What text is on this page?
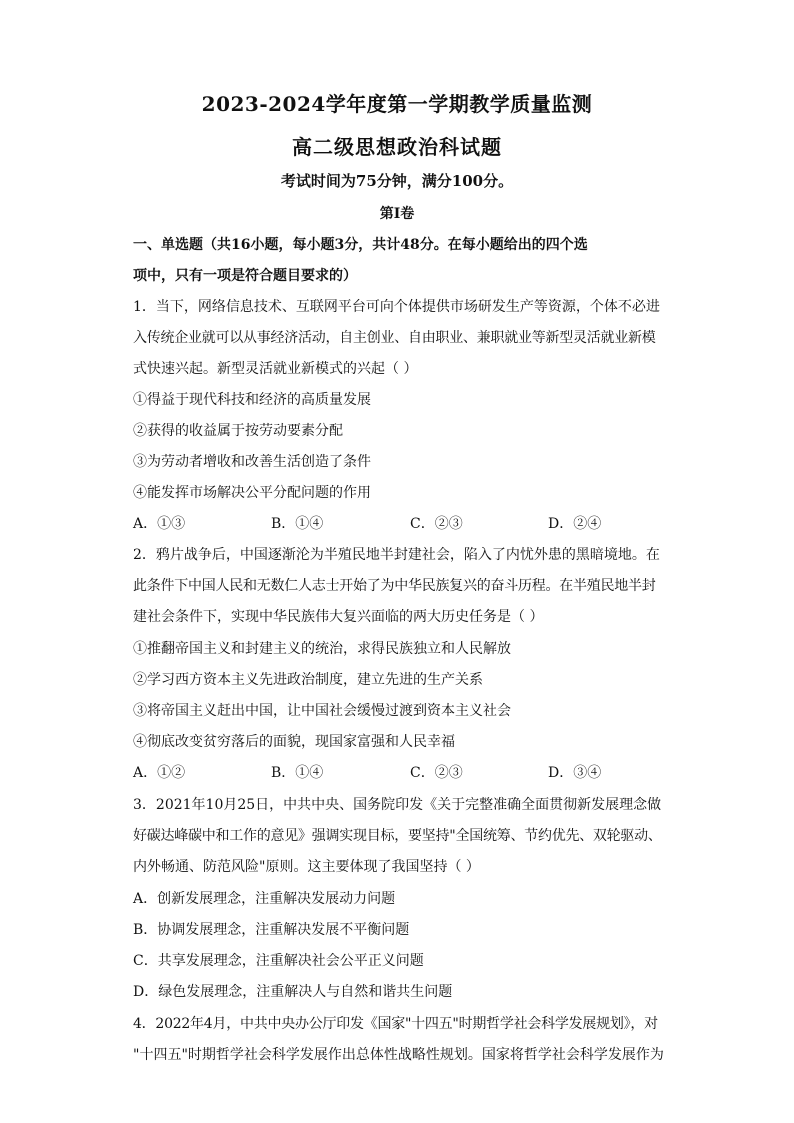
2023-2024学年度第一学期教学质量监测
高二级思想政治科试题
考试时间为75分钟，满分100分。
第I卷
一、单选题（共16小题，每小题3分，共计48分。在每小题给出的四个选
项中，只有一项是符合题目要求的）
1．当下，网络信息技术、互联网平台可向个体提供市场研发生产等资源，个体不必进
入传统企业就可以从事经济活动，自主创业、自由职业、兼职就业等新型灵活就业新模
式快速兴起。新型灵活就业新模式的兴起（ ）
①得益于现代科技和经济的高质量发展
②获得的收益属于按劳动要素分配
③为劳动者增收和改善生活创造了条件
④能发挥市场解决公平分配问题的作用
A．①③	B．①④	C．②③	D．②④
2．鸦片战争后，中国逐渐沦为半殖民地半封建社会，陷入了内忧外患的黑暗境地。在
此条件下中国人民和无数仁人志士开始了为中华民族复兴的奋斗历程。在半殖民地半封
建社会条件下，实现中华民族伟大复兴面临的两大历史任务是（ ）
①推翻帝国主义和封建主义的统治，求得民族独立和人民解放
②学习西方资本主义先进政治制度，建立先进的生产关系
③将帝国主义赶出中国，让中国社会缓慢过渡到资本主义社会
④彻底改变贫穷落后的面貌，现国家富强和人民幸福
A．①②	B．①④	C．②③	D．③④
3．2021年10月25日，中共中央、国务院印发《关于完整准确全面贯彻新发展理念做
好碳达峰碳中和工作的意见》强调实现目标，要坚持"全国统筹、节约优先、双轮驱动、
内外畅通、防范风险"原则。这主要体现了我国坚持（ ）
A．创新发展理念，注重解决发展动力问题
B．协调发展理念，注重解决发展不平衡问题
C．共享发展理念，注重解决社会公平正义问题
D．绿色发展理念，注重解决人与自然和谐共生问题
4．2022年4月，中共中央办公厅印发《国家"十四五"时期哲学社会科学发展规划》，对
"十四五"时期哲学社会科学发展作出总体性战略性规划。国家将哲学社会科学发展作为
